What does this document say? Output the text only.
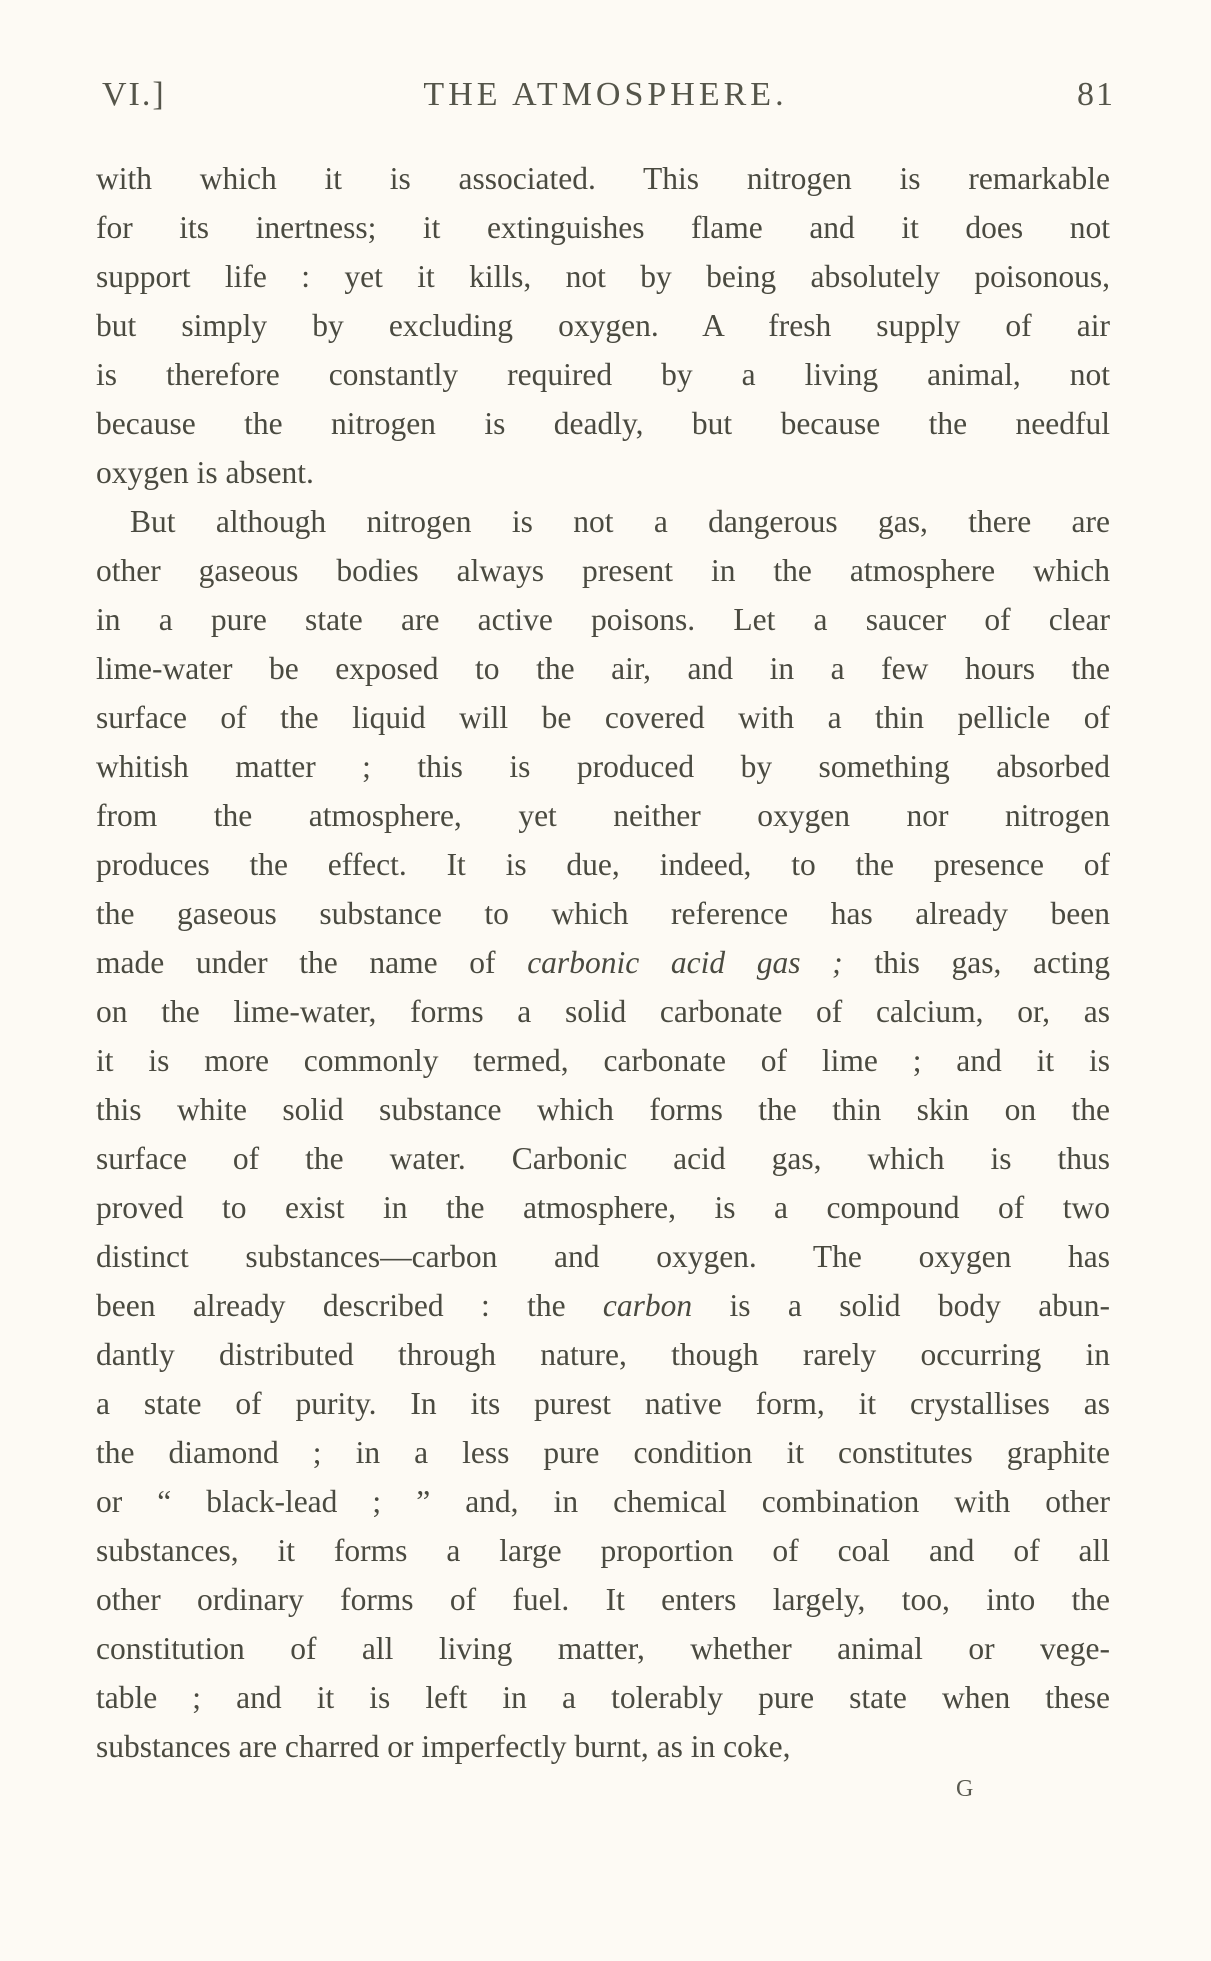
VI.]	THE ATMOSPHERE.	81
with which it is associated. This nitrogen is remarkable
for its inertness; it extinguishes flame and it does not
support life : yet it kills, not by being absolutely poisonous,
but simply by excluding oxygen. A fresh supply of air
is therefore constantly required by a living animal, not
because the nitrogen is deadly, but because the needful
oxygen is absent.
But although nitrogen is not a dangerous gas, there are
other gaseous bodies always present in the atmosphere which
in a pure state are active poisons. Let a saucer of clear
lime-water be exposed to the air, and in a few hours the
surface of the liquid will be covered with a thin pellicle of
whitish matter ; this is produced by something absorbed
from the atmosphere, yet neither oxygen nor nitrogen
produces the effect. It is due, indeed, to the presence of
the gaseous substance to which reference has already been
made under the name of carbonic acid gas ; this gas, acting
on the lime-water, forms a solid carbonate of calcium, or, as
it is more commonly termed, carbonate of lime ; and it is
this white solid substance which forms the thin skin on the
surface of the water. Carbonic acid gas, which is thus
proved to exist in the atmosphere, is a compound of two
distinct substances—carbon and oxygen. The oxygen has
been already described : the carbon is a solid body abun-
dantly distributed through nature, though rarely occurring in
a state of purity. In its purest native form, it crystallises as
the diamond ; in a less pure condition it constitutes graphite
or “ black-lead ; ” and, in chemical combination with other
substances, it forms a large proportion of coal and of all
other ordinary forms of fuel. It enters largely, too, into the
constitution of all living matter, whether animal or vege-
table ; and it is left in a tolerably pure state when these
substances are charred or imperfectly burnt, as in coke,
G
